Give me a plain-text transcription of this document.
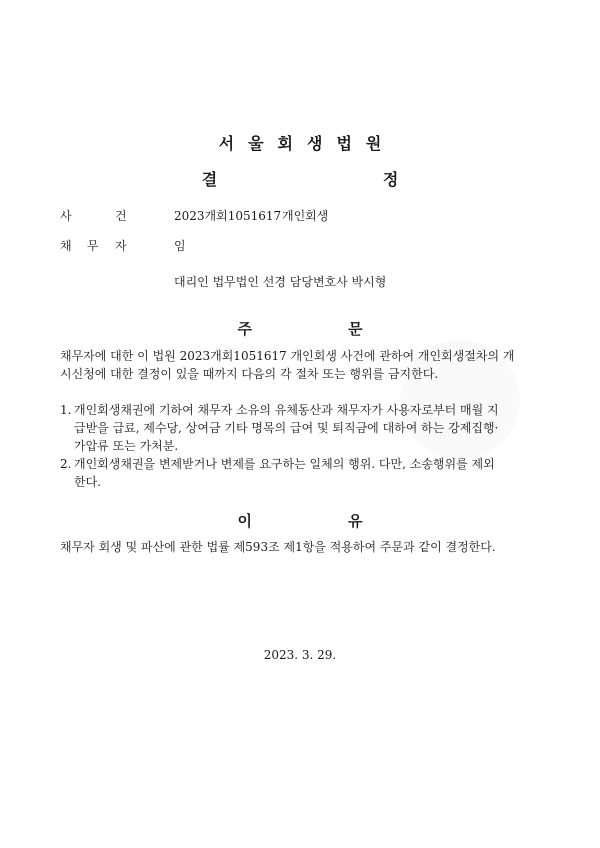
서울회생법원
결	정
사	건	2023개회1051617 개인회생
채 무 자	임
대리인 법무법인 선경 담당변호사 박시형
주	문
채무자에 대한 이 법원 2023개회1051617 개인회생 사건에 관하여 개인회생절차의 개
시신청에 대한 결정이 있을 때까지 다음의 각 절차 또는 행위를 금지한다.
1. 개인회생채권에 기하여 채무자 소유의 유체동산과 채무자가 사용자로부터 매월 지
급받을 급료, 제수당, 상여금 기타 명목의 급여 및 퇴직금에 대하여 하는 강제집행·
가압류 또는 가처분.
2. 개인회생채권을 변제받거나 변제를 요구하는 일체의 행위. 다만, 소송행위를 제외
한다.
이	유
채무자 회생 및 파산에 관한 법률 제593조 제1항을 적용하여 주문과 같이 결정한다.
2023. 3. 29.
